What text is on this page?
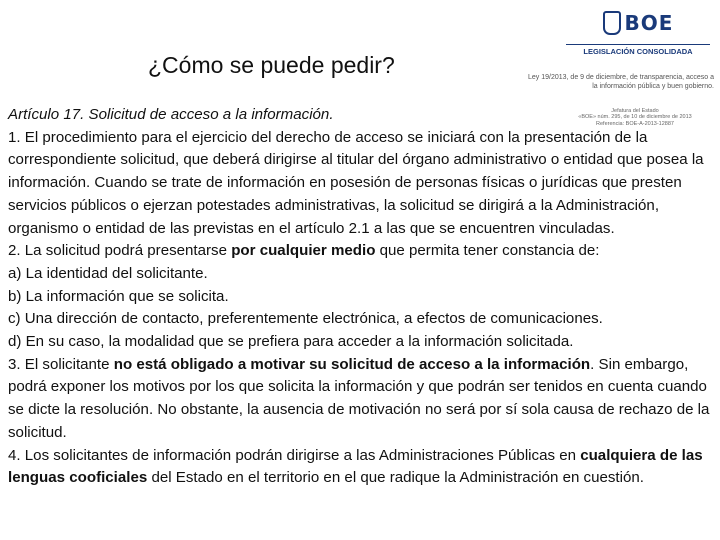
¿Cómo se puede pedir?
BOE
LEGISLACIÓN CONSOLIDADA
Ley 19/2013, de 9 de diciembre, de transparencia, acceso a la información pública y buen gobierno.
Jefatura del Estado
«BOE» núm. 295, de 10 de diciembre de 2013
Referencia: BOE-A-2013-12887

Artículo 17. Solicitud de acceso a la información.

1. El procedimiento para el ejercicio del derecho de acceso se iniciará con la presentación de la correspondiente solicitud, que deberá dirigirse al titular del órgano administrativo o entidad que posea la información. Cuando se trate de información en posesión de personas físicas o jurídicas que presten servicios públicos o ejerzan potestades administrativas, la solicitud se dirigirá a la Administración, organismo o entidad de las previstas en el artículo 2.1 a las que se encuentren vinculadas.

2. La solicitud podrá presentarse por cualquier medio que permita tener constancia de:

a) La identidad del solicitante.

b) La información que se solicita.

c) Una dirección de contacto, preferentemente electrónica, a efectos de comunicaciones.

d) En su caso, la modalidad que se prefiera para acceder a la información solicitada.

3. El solicitante no está obligado a motivar su solicitud de acceso a la información. Sin embargo, podrá exponer los motivos por los que solicita la información y que podrán ser tenidos en cuenta cuando se dicte la resolución. No obstante, la ausencia de motivación no será por sí sola causa de rechazo de la solicitud.

4. Los solicitantes de información podrán dirigirse a las Administraciones Públicas en cualquiera de las lenguas cooficiales del Estado en el territorio en el que radique la Administración en cuestión.
